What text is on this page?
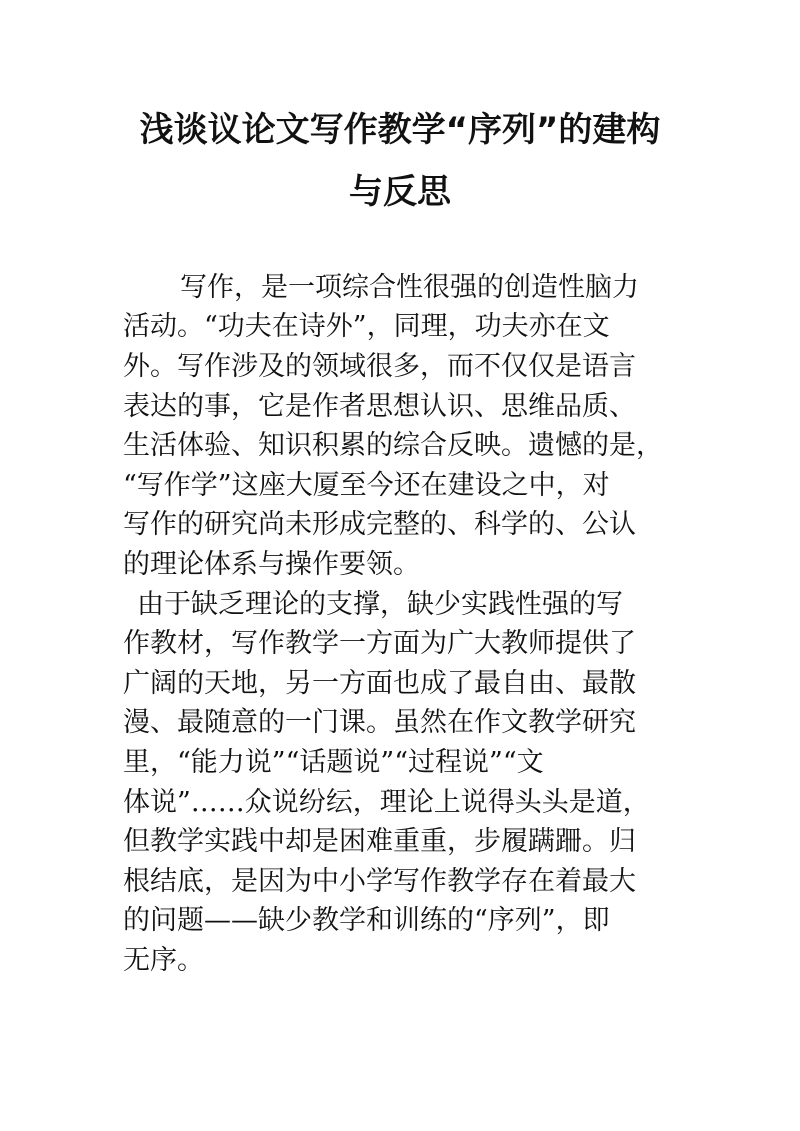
浅谈议论文写作教学“序列”的建构
与反思
写作，是一项综合性很强的创造性脑力
活动。“功夫在诗外”，同理，功夫亦在文
外。写作涉及的领域很多，而不仅仅是语言
表达的事，它是作者思想认识、思维品质、
生活体验、知识积累的综合反映。遗憾的是，
“写作学”这座大厦至今还在建设之中，对
写作的研究尚未形成完整的、科学的、公认
的理论体系与操作要领。
由于缺乏理论的支撑，缺少实践性强的写
作教材，写作教学一方面为广大教师提供了
广阔的天地，另一方面也成了最自由、最散
漫、最随意的一门课。虽然在作文教学研究
里，“能力说”“话题说”“过程说”“文
体说”……众说纷纭，理论上说得头头是道，
但教学实践中却是困难重重，步履蹒跚。归
根结底，是因为中小学写作教学存在着最大
的问题——缺少教学和训练的“序列”，即
无序。
